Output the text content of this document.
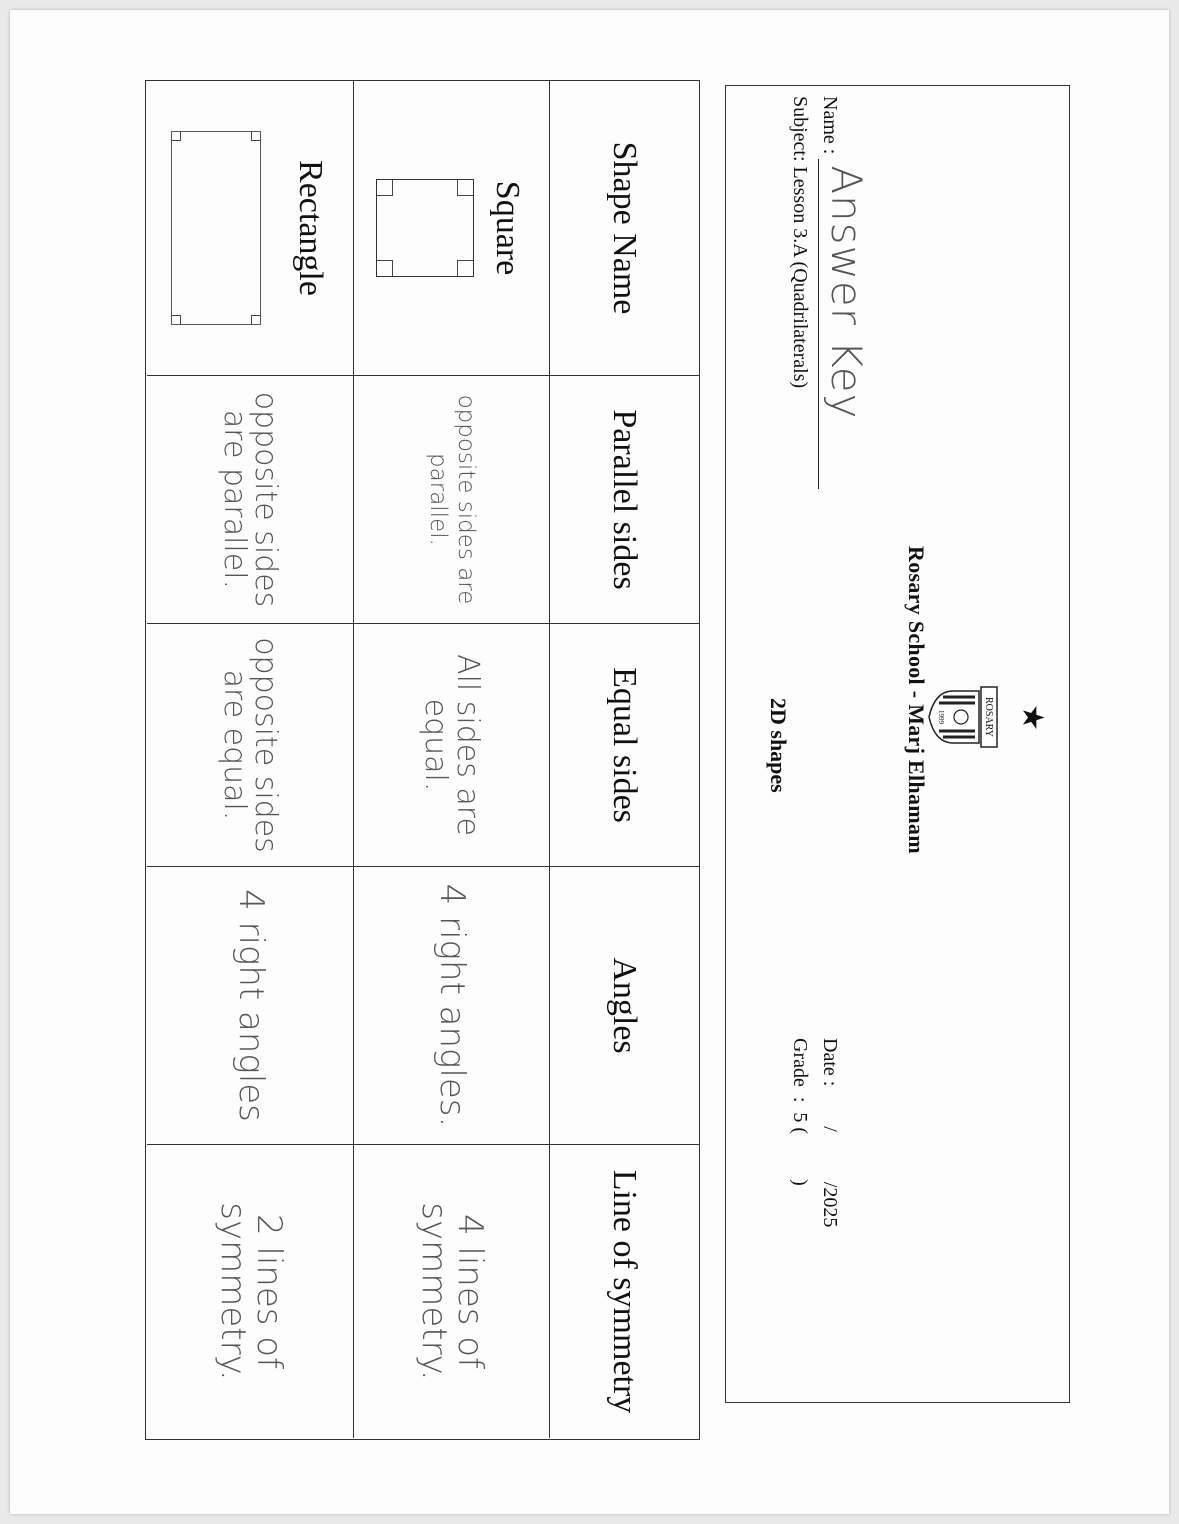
★
ROSARY
1999
Rosary School - Marj Elhamam
2D shapes
Name :
Answer Key
Subject: Lesson 3.A (Quadrilaterals)
Date :        /          /2025
Grade  :  5 (         )
Shape Name
Parallel sides
Equal sides
Angles
Line of symmetry
Square
opposite sides are parallel.
All sides are equal.
4 right angles.
4 lines of symmetry.
Rectangle
opposite sides are parallel.
opposite sides are equal.
4 right angles
2 lines of symmetry.
